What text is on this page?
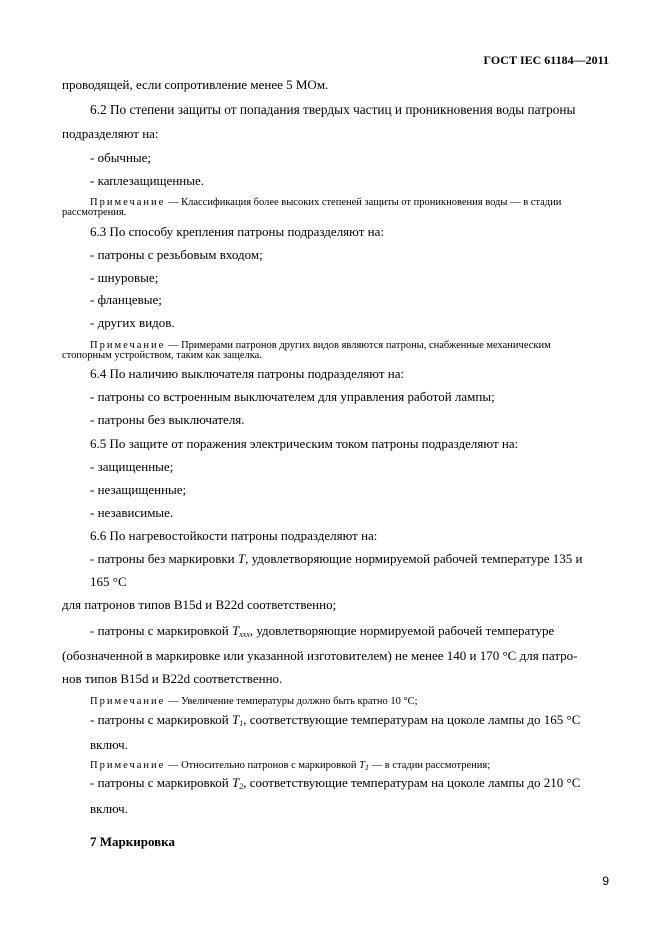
ГОСТ IEC 61184—2011
проводящей, если сопротивление менее 5 МОм.
6.2 По степени защиты от попадания твердых частиц и проникновения воды патроны
подразделяют на:
- обычные;
- каплезащищенные.
Примечание — Классификация более высоких степеней защиты от проникновения воды — в стадии
рассмотрения.
6.3 По способу крепления патроны подразделяют на:
- патроны с резьбовым входом;
- шнуровые;
- фланцевые;
- других видов.
Примечание — Примерами патронов других видов являются патроны, снабженные механическим
стопорным устройством, таким как защелка.
6.4 По наличию выключателя патроны подразделяют на:
- патроны со встроенным выключателем для управления работой лампы;
- патроны без выключателя.
6.5 По защите от поражения электрическим током патроны подразделяют на:
- защищенные;
- незащищенные;
- независимые.
6.6 По нагревостойкости патроны подразделяют на:
- патроны без маркировки T, удовлетворяющие нормируемой рабочей температуре 135 и
165 °C
для патронов типов B15d и B22d соответственно;
- патроны с маркировкой $T_{xxx}$, удовлетворяющие нормируемой рабочей температуре
(обозначенной в маркировке или указанной изготовителем) не менее 140 и 170 °C для патро-
нов типов B15d и B22d соответственно.
Примечание — Увеличение температуры должно быть кратно 10 °C;
- патроны с маркировкой $T_1$, соответствующие температурам на цоколе лампы до 165 °C
включ.
Примечание — Относительно патронов с маркировкой $T_1$ — в стадии рассмотрения;
- патроны с маркировкой $T_2$, соответствующие температурам на цоколе лампы до 210 °C
включ.
7 Маркировка
9
